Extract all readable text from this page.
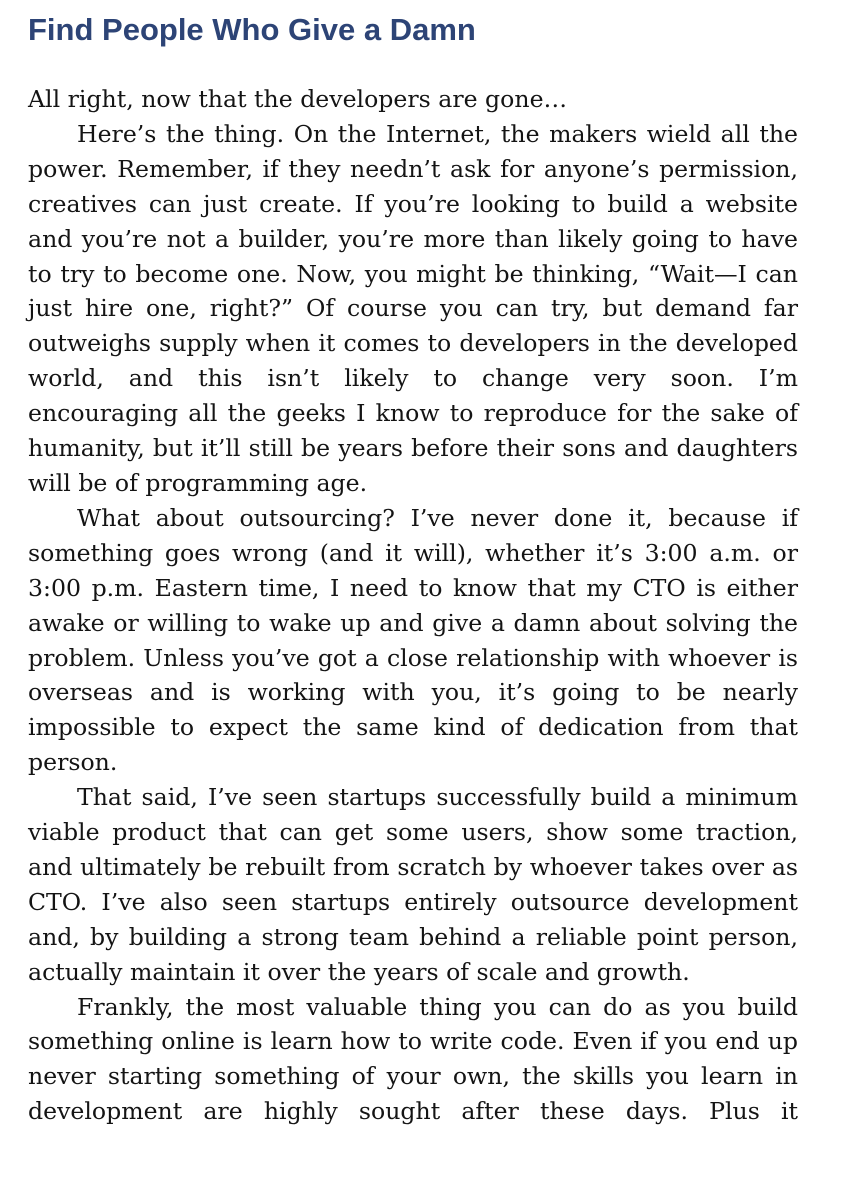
Find People Who Give a Damn

All right, now that the developers are gone…

Here’s the thing. On the Internet, the makers wield all the power. Remember, if they needn’t ask for anyone’s permission, creatives can just create. If you’re looking to build a website and you’re not a builder, you’re more than likely going to have to try to become one. Now, you might be thinking, “Wait—I can just hire one, right?” Of course you can try, but demand far outweighs supply when it comes to developers in the developed world, and this isn’t likely to change very soon. I’m encouraging all the geeks I know to reproduce for the sake of humanity, but it’ll still be years before their sons and daughters will be of programming age.

What about outsourcing? I’ve never done it, because if something goes wrong (and it will), whether it’s 3:00 a.m. or 3:00 p.m. Eastern time, I need to know that my CTO is either awake or willing to wake up and give a damn about solving the problem. Unless you’ve got a close relationship with whoever is overseas and is working with you, it’s going to be nearly impossible to expect the same kind of dedication from that person.

That said, I’ve seen startups successfully build a minimum viable product that can get some users, show some traction, and ultimately be rebuilt from scratch by whoever takes over as CTO. I’ve also seen startups entirely outsource development and, by building a strong team behind a reliable point person, actually maintain it over the years of scale and growth.

Frankly, the most valuable thing you can do as you build something online is learn how to write code. Even if you end up never starting something of your own, the skills you learn in development are highly sought after these days. Plus it
